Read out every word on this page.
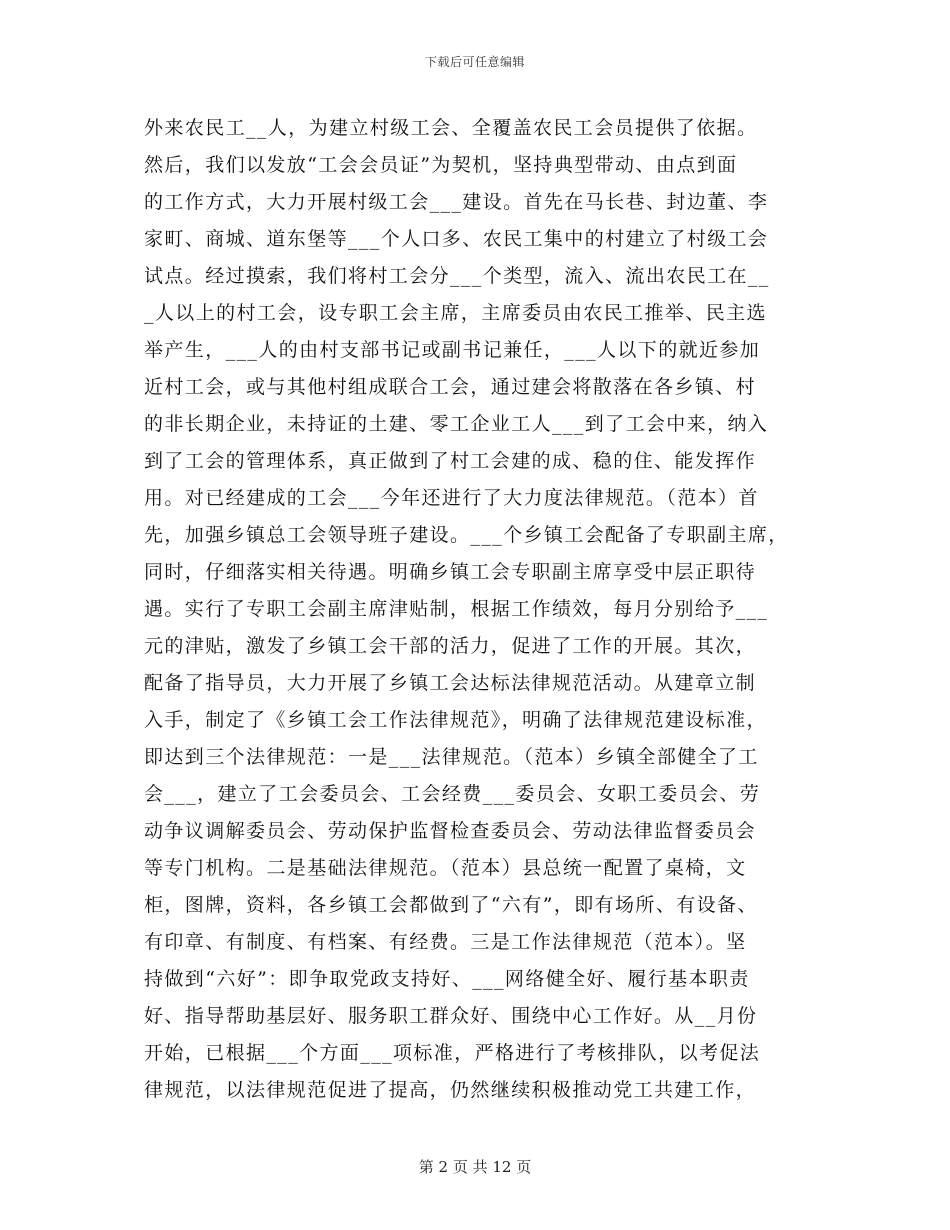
下载后可任意编辑
外来农民工__人，为建立村级工会、全覆盖农民工会员提供了依据。
然后，我们以发放“工会会员证”为契机，坚持典型带动、由点到面
的工作方式，大力开展村级工会___建设。首先在马长巷、封边董、李
家町、商城、道东堡等___个人口多、农民工集中的村建立了村级工会
试点。经过摸索，我们将村工会分___个类型，流入、流出农民工在__
_人以上的村工会，设专职工会主席，主席委员由农民工推举、民主选
举产生，___人的由村支部书记或副书记兼任，___人以下的就近参加
近村工会，或与其他村组成联合工会，通过建会将散落在各乡镇、村
的非长期企业，未持证的土建、零工企业工人___到了工会中来，纳入
到了工会的管理体系，真正做到了村工会建的成、稳的住、能发挥作
用。对已经建成的工会___今年还进行了大力度法律规范。（范本）首
先，加强乡镇总工会领导班子建设。___个乡镇工会配备了专职副主席，
同时，仔细落实相关待遇。明确乡镇工会专职副主席享受中层正职待
遇。实行了专职工会副主席津贴制，根据工作绩效，每月分别给予___
元的津贴，激发了乡镇工会干部的活力，促进了工作的开展。其次，
配备了指导员，大力开展了乡镇工会达标法律规范活动。从建章立制
入手，制定了《乡镇工会工作法律规范》，明确了法律规范建设标准，
即达到三个法律规范：一是___法律规范。（范本）乡镇全部健全了工
会___，建立了工会委员会、工会经费___委员会、女职工委员会、劳
动争议调解委员会、劳动保护监督检查委员会、劳动法律监督委员会
等专门机构。二是基础法律规范。（范本）县总统一配置了桌椅，文
柜，图牌，资料，各乡镇工会都做到了“六有”，即有场所、有设备、
有印章、有制度、有档案、有经费。三是工作法律规范（范本）。坚
持做到“六好”：即争取党政支持好、___网络健全好、履行基本职责
好、指导帮助基层好、服务职工群众好、围绕中心工作好。从__月份
开始，已根据___个方面___项标准，严格进行了考核排队，以考促法
律规范，以法律规范促进了提高，仍然继续积极推动党工共建工作，
第 2 页 共 12 页
